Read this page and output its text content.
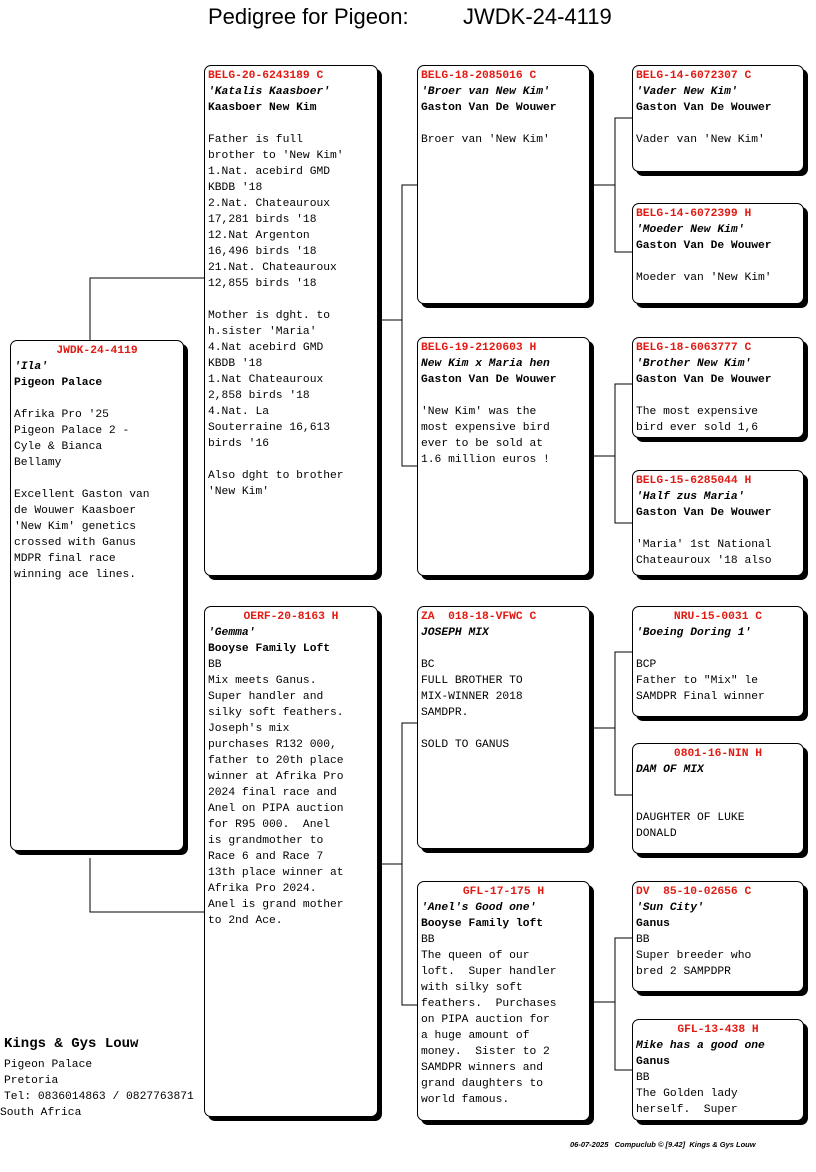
Pedigree for Pigeon: JWDK-24-4119
JWDK-24-4119
'Ila'
Pigeon Palace

Afrika Pro '25
Pigeon Palace 2 -
Cyle & Bianca
Bellamy

Excellent Gaston van
de Wouwer Kaasboer
'New Kim' genetics
crossed with Ganus
MDPR final race
winning ace lines.
BELG-20-6243189 C
'Katalis Kaasboer'
Kaasboer New Kim

Father is full
brother to 'New Kim'
1.Nat. acebird GMD
KBDB '18
2.Nat. Chateauroux
17,281 birds '18
12.Nat Argenton
16,496 birds '18
21.Nat. Chateauroux
12,855 birds '18

Mother is dght. to
h.sister 'Maria'
4.Nat acebird GMD
KBDB '18
1.Nat Chateauroux
2,858 birds '18
4.Nat. La
Souterraine 16,613
birds '16

Also dght to brother
'New Kim'
OERF-20-8163 H
'Gemma'
Booyse Family Loft
BB
Mix meets Ganus.
Super handler and
silky soft feathers.
Joseph's mix
purchases R132 000,
father to 20th place
winner at Afrika Pro
2024 final race and
Anel on PIPA auction
for R95 000.  Anel
is grandmother to
Race 6 and Race 7
13th place winner at
Afrika Pro 2024.
Anel is grand mother
to 2nd Ace.
BELG-18-2085016 C
'Broer van New Kim'
Gaston Van De Wouwer

Broer van 'New Kim'
BELG-19-2120603 H
New Kim x Maria hen
Gaston Van De Wouwer

'New Kim' was the
most expensive bird
ever to be sold at
1.6 million euros !
ZA  018-18-VFWC C
JOSEPH MIX

BC
FULL BROTHER TO
MIX-WINNER 2018
SAMDPR.

SOLD TO GANUS
GFL-17-175 H
'Anel's Good one'
Booyse Family loft
BB
The queen of our
loft.  Super handler
with silky soft
feathers.  Purchases
on PIPA auction for
a huge amount of
money.  Sister to 2
SAMDPR winners and
grand daughters to
world famous.
BELG-14-6072307 C
'Vader New Kim'
Gaston Van De Wouwer

Vader van 'New Kim'
BELG-14-6072399 H
'Moeder New Kim'
Gaston Van De Wouwer

Moeder van 'New Kim'
BELG-18-6063777 C
'Brother New Kim'
Gaston Van De Wouwer

The most expensive
bird ever sold 1,6
BELG-15-6285044 H
'Half zus Maria'
Gaston Van De Wouwer

'Maria' 1st National
Chateauroux '18 also
NRU-15-0031 C
'Boeing Doring 1'

BCP
Father to "Mix" le
SAMDPR Final winner
0801-16-NIN H
DAM OF MIX

DAUGHTER OF LUKE
DONALD
DV  85-10-02656 C
'Sun City'
Ganus
BB
Super breeder who
bred 2 SAMPDPR
GFL-13-438 H
Mike has a good one
Ganus
BB
The Golden lady
herself.  Super
Kings & Gys Louw
Pigeon Palace
Pretoria
Tel: 0836014863 / 0827763871
South Africa
06-07-2025   Compuclub © [9.42]  Kings & Gys Louw
